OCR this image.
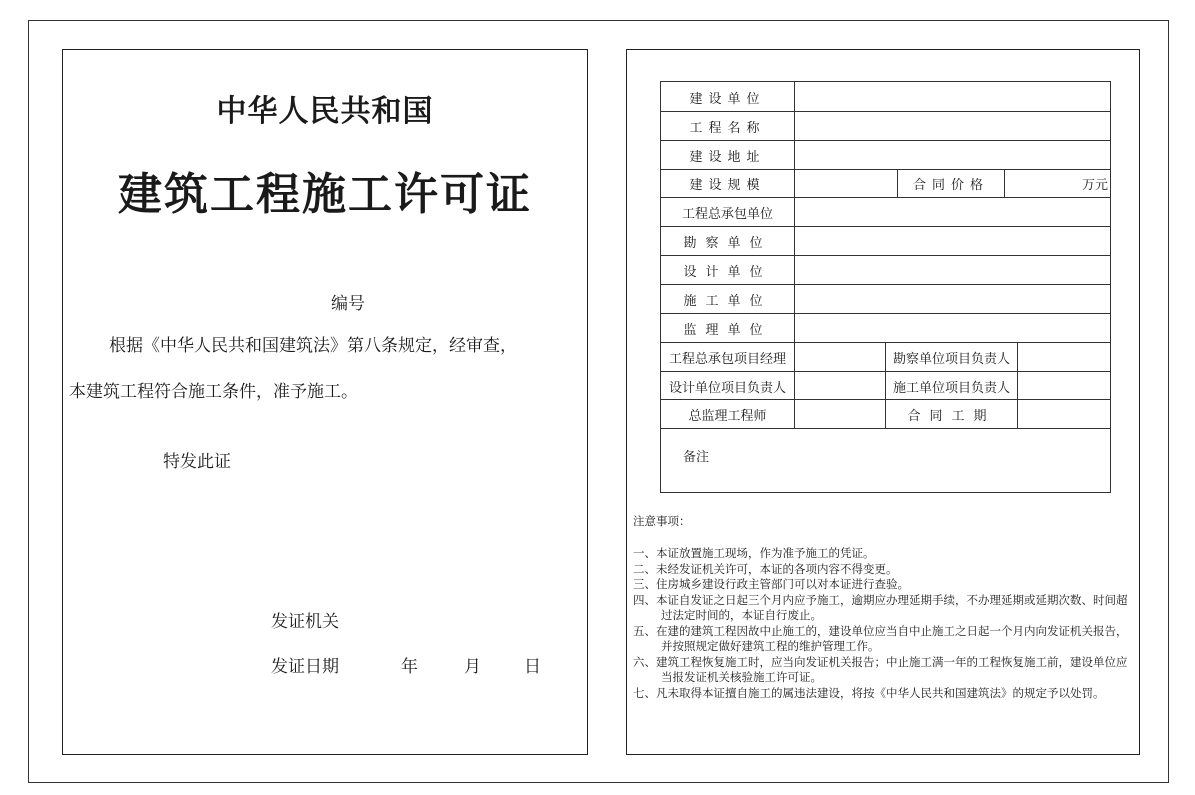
中华人民共和国
建筑工程施工许可证
编号
根据《中华人民共和国建筑法》第八条规定，经审查，
本建筑工程符合施工条件，准予施工。
特发此证
发证机关
发证日期	年	月	日
建设单位
工程名称
建设地址
建设规模	合同价格	万元
工程总承包单位
勘察单位
设计单位
施工单位
监理单位
工程总承包项目经理	勘察单位项目负责人
设计单位项目负责人	施工单位项目负责人
总监理工程师	合同工期
备注
注意事项：
一、本证放置施工现场，作为准予施工的凭证。
二、未经发证机关许可，本证的各项内容不得变更。
三、住房城乡建设行政主管部门可以对本证进行查验。
四、本证自发证之日起三个月内应予施工，逾期应办理延期手续，不办理延期或延期次数、时间超过法定时间的，本证自行废止。
五、在建的建筑工程因故中止施工的，建设单位应当自中止施工之日起一个月内向发证机关报告，并按照规定做好建筑工程的维护管理工作。
六、建筑工程恢复施工时，应当向发证机关报告；中止施工满一年的工程恢复施工前，建设单位应当报发证机关核验施工许可证。
七、凡未取得本证擅自施工的属违法建设，将按《中华人民共和国建筑法》的规定予以处罚。
